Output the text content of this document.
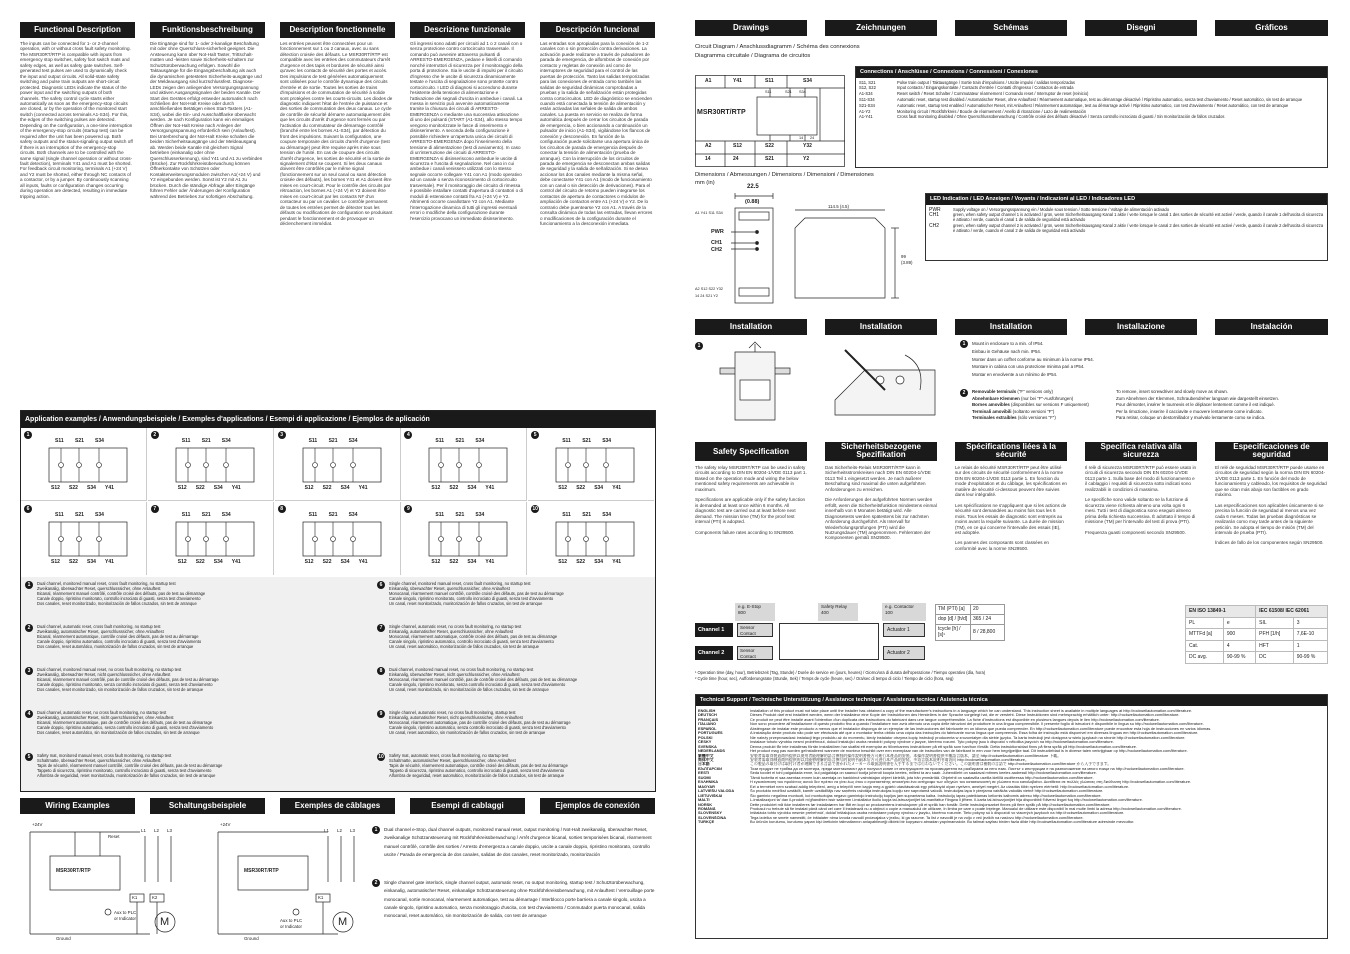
Functional Description	Funktionsbeschreibung	Description fonctionnelle	Descrizione funzionale	Descripción funcional
The inputs can be connected for 1- or 2-channel operation, with or without cross fault safety monitoring. The MSR30RT/RTP is compatible with inputs from emergency stop switches, safety foot switch mats and safety edges, as well as safety gate switches. Self-generated test pulses are used to dynamically check the input and output circuits. All solid-state safety switching and pulse train outputs are short-circuit protected. Diagnostic LEDs indicate the status of the power input and the switching outputs of both channels. The safety control cycle starts either automatically as soon as the emergency-stop circuits are closed, or by the operation of the monitored start switch (connected across terminals A1-S34). For this, the edges of the switching pulses are detected. Depending on the configuration, a one-time interruption of the emergency-stop circuits (startup test) can be required after the unit has been powered up. Both safety outputs and the status-signaling output switch off if there is an interruption of the emergency-stop circuits. Both channels are to be controlled with the same signal (single channel operation or without cross-fault detection), terminals Y41 and A1 must be shorted. For feedback circuit monitoring, terminals A1 (+24 V) and Y2 must be shorted, either through NC contacts of a contactor, or by a jumper. By continuously scanning all inputs, faults or configuration changes occurring during operation are detected, resulting in immediate tripping action.
Die Eingänge sind für 1- oder 2-kanalige Beschaltung mit oder ohne Querschluss-sicherheit geeignet. Die Ansteuerung kann über Not-Halt Taster, Trittschalt-matten und -leisten sowie Sicherheits-schaltern zur Schutztürüberwachung erfolgen. Sowohl die Taktausgänge für die Eingangsbeschaltung als auch die dynamischen getesteten Sicherheits-ausgänge und der Meldeausgang sind kurzschlussfest. Diagnose-LEDs zeigen den anliegenden Versorgungsspannung und aktiven Ausgangssignalen der beiden Kanäle. Der Start des Gerätes erfolgt entweder automatisch nach Schließen der Not-Halt Kreise oder durch anschließendes Betätigen eines Start-Tasters (A1-S34), wobei die Ein- und Ausschaltflanke überwacht werden. Je nach Konfiguration kann ein einmaliges Öffnen der Not-Halt Kreise nach Anlegen der Versorgungsspannung erforderlich sein (Anlauftest). Bei Unterbrechung der Not-Halt Kreise schalten die beiden Sicherheitsausgänge und der Meldeausgang ab. Werden beide Kanäle mit gleichem Signal betrieben (einkanalig oder ohne Querschlusserkennung), sind Y41 und A1 zu verbinden (Brücke). Zur Rückführkreisüberwachung können Öffnerkontakte von Schützen oder Kontakterweiterungsmodulen zwischen A1(+24 V) und Y2 eingebunden werden. Sonst ist Y2 mit A1 zu brücken. Durch die ständige Abfrage aller Eingänge führen Fehler oder Änderungen der Konfiguration während des Betriebes zur sofortigen Abschaltung.
Les entrées peuvent être connectées pour un fonctionnement sur 1 ou 2 canaux, avec ou sans détection croisée des défauts. Le MSR30RT/RTP est compatible avec les entrées des commutateurs d'arrêt d'urgence et des tapis et bordures de sécurité ainsi qu'avec les contacts de sécurité des portes et accès. Des impulsions de test générées automatiquement sont utilisées pour le contrôle dynamique des circuits d'entrée et de sortie. Toutes les sorties de trains d'impulsions et de commutation de sécurité à solide sont protégées contre les courts-circuits. Les diodes de diagnostic indiquent l'état de l'entrée de puissance et des sorties de commutation des deux canaux. Le cycle de contrôle de sécurité démarre automatiquement dès que les circuits d'arrêt d'urgence sont fermés ou par l'activation du commutateur de démarrage contrôlé (branché entre les bornes A1-S34), par détection du front des impulsions. Suivant la configuration, une coupure temporaire des circuits d'arrêt d'urgence (test au démarrage) peut être requise après mise sous tension de l'unité. En cas de coupure des circuits d'arrêt d'urgence, les sorties de sécurité et la sortie de signalement d'état se coupent. Si les deux canaux doivent être contrôlés par le même signal (fonctionnement sur un seul canal ou sans détection croisée des défauts), les bornes Y41 et A1 doivent être mises en court-circuit. Pour le contrôle des circuits par rétroaction, les bornes A1 (+24 V) et Y2 doivent être mises en court-circuit par les contacts NF d'un contacteur ou par un cavalier. Le contrôle permanent de toutes les entrées permet de détecter tous les défauts ou modifications de configuration se produisant pendant le fonctionnement et de provoquer un déclenchement immédiat.
Gli ingressi sono adatti per circuiti ad 1 o 2 canali con o senza protezione contro cortocircuito trasversale. Il comando può avvenire attraverso pulsanti di ARRESTO-EMERGENZA, pedane e listelli di comando nonché interruttori di sicurezza per il monitoraggio della porta di protezione. Sia le uscite di impulsi per il circuito d'ingresso che le uscite di sicurezza dinamicamente testate e l'uscita di segnalazione sono protette contro cortocircuito. I LED di diagnosi si accendono durante l'esistente della tensione di alimentazione e l'attivazione dei segnali d'uscita in ambedue i canali. La messa in servizio può avvenire automaticamente tramite la chiusura dei circuiti di ARRESTO-EMERGENZA o mediante una successiva attivazione di uno dei pulsanti (START (A1-S34), allo stesso tempo vengono monitorizzate le fasce di inserimento e disinserimento. A seconda della configurazione è possibile richiedere un'apertura unica dei circuiti di ARRESTO-EMERGENZA dopo l'inserimento della tensione di alimentazione (test di avviamento). In caso di un'interruzione dei circuiti di ARRESTO-EMERGENZA si disinseriscono ambedue le uscite di sicurezza e l'uscita di segnalazione. Nel caso in cui ambedue i canali venissero utilizzati con lo stesso segnale occorre collegare Y41 con A1 (modo operativo ad un canale o senza riconoscimento di cortocircuito trasversale). Per il monitoraggio dei circuito di rimessa è possibile installare contatti d'apertura di contattori o di moduli di estensione contatti fra A1 (+24 V) e Y2. Altrimenti occorre cavallottare Y2 con A1. Mediante l'interrogazione dinamica di tutti gli ingressi eventuali errori o modifiche della configurazione durante l'esercizio provocano un immediato disinserimento.
Las entradas son apropiadas para la conexión de 1-2 canales con o sin protección contra derivaciones. La activación puede realizarse a través de pulsadores de parada de emergencia, de alfombras de conexión por contacto y regletas de conexión así como de interruptores de seguridad para el control de las puertas de protección. Tanto las salidas temporizadas para las conexiones de entrada como también las salidas de seguridad dinámicas comprobadas a pruebas y la salida de señalización están protegidas contra cortocircuitos. LED de diagnóstico se encienden cuando está conectada la tensión de alimentación y están activadas las señales de salida de ambos canales. La puesta en servicio se realiza de forma automática después de cerrar los circuitos de parada de emergencia, o bien accionando a continuación un pulsador de inicio (A1-S34), vigilándose los flancos de conexión y desconexión. En función de la configuración puede solicitarse una apertura única de los circuitos de parada de emergencia después de conectar la tensión de alimentación (prueba de arranque). Con la interrupción de los circuitos de parada de emergencia se desconectan ambas salidas de seguridad y la salida de señalización. Si se desea accionar los dos canales mediante la misma señal, debe conectarse Y41 con A1 (modo de funcionamiento con un canal o sin detección de derivaciones). Para el control del circuito de retorno pueden integrarse los contactos de apertura de contactores o módulos de ampliación de contactos entre A1 (+24 V) e Y2. De lo contrario debe puentearse Y2 con A1. A través de la consulta dinámica de todas las entradas, llevan errores o modificaciones de la configuración durante el funcionamiento a la desconexión inmediata.
Application examples / Anwendungsbeispiele / Exemples d'applications / Esempi di applicazione / Ejemplos de aplicación
1
S11 S21 S34
S12 S22 S34 Y41
2
S11 S21 S34
S12 S22 S34 Y41
3
S11 S21 S34
S12 S22 S34 Y41
4
S11 S21 S34
S12 S22 S34 Y41
5
S11 S21 S34
S12 S22 S34 Y41
6
S11 S21 S34
S12 S22 S34 Y41
7
S11 S21 S34
S12 S22 S34 Y41
8
S11 S21 S34
S12 S22 S34 Y41
9
S11 S21 S34
S12 S22 S34 Y41
10
S11 S21 S34
S12 S22 S34 Y41
1	Dual channel, monitored manual reset, cross fault monitoring, no startup test
Zweikanalig, überwachter Reset, querschlusssicher, ohne Anlauftest
Bicanal, réarmement manuel contrôlé, contrôle croisé des défauts, pas de test au démarrage
Canale doppio, ripristino monitorato, controllo incrociato di guasti, senza test d'avviamento
Dos canales, reset monitorizado, monitorización de fallos cruzados, sin test de arranque
2	Dual channel, automatic reset, cross fault monitoring, no startup test
Zweikanalig, automatischer Reset, querschlusssicher, ohne Anlauftest
Bicanal, réarmement automatique, contrôle croisé des défauts, pas de test au démarrage
Canale doppio, ripristino automatico, controllo incrociato di guasti, senza test d'avviamento
Dos canales, reset automático, monitorización de fallos cruzados, sin test de arranque
3	Dual channel, monitored manual reset, no cross fault monitoring, no startup test
Zweikanalig, überwachter Reset, nicht querschlusssicher, ohne Anlauftest
Bicanal, réarmement manuel contrôlé, pas de contrôle croisé des défauts, pas de test au démarrage
Canale doppio, ripristino monitorato, senza controllo incrociato di guasti, senza test d'avviamento
Dos canales, reset monitorizado, sin monitorización de fallos cruzados, sin test de arranque
4	Dual channel, automatic reset, no cross fault monitoring, no startup test
Zweikanalig, automatischer Reset, nicht querschlusssicher, ohne Anlauftest
Bicanal, réarmement automatique, pas de contrôle croisé des défauts, pas de test au démarrage
Canale doppio, ripristino automatico, senza controllo incrociato di guasti, senza test d'avviamento
Dos canales, reset automático, sin monitorización de fallos cruzados, sin test de arranque
5	Safety mat, monitored manual reset, cross fault monitoring, no startup test
Schaltmatte, überwachter Reset, querschlusssicher, ohne Anlauftest
Tapis de sécurité, réarmement manuel contrôlé, contrôle croisé des défauts, pas de test au démarrage
Tappeto di sicurezza, ripristino monitorato, controllo incrociato di guasti, senza test d'avviamento
Alfombra de seguridad, reset monitorizado, monitorización de fallos cruzados, sin test de arranque
6	Single channel, monitored manual reset, cross fault monitoring, no startup test
Einkanalig, überwachter Reset, querschlusssicher, ohne Anlauftest
Monocanal, réarmement manuel contrôlé, contrôle croisé des défauts, pas de test au démarrage
Canale singolo, ripristino monitorato, controllo incrociato di guasti, senza test d'avviamento
Un canal, reset monitorizado, monitorización de fallos cruzados, sin test de arranque
7	Single channel, automatic reset, no cross fault monitoring, no startup test
Einkanalig, automatischer Reset, querschlusssicher, ohne Anlauftest
Monocanal, réarmement automatique, contrôle croisé des défauts, pas de test au démarrage
Canale singolo, ripristino automatico, controllo incrociato di guasti, senza test d'avviamento
Un canal, reset automático, monitorización de fallos cruzados, sin test de arranque
8	Dual channel, monitored manual reset, no cross fault monitoring, no startup test
Einkanalig, überwachter Reset, nicht querschlusssicher, ohne Anlauftest
Monocanal, réarmement manuel contrôlé, pas de contrôle croisé des défauts, pas de test au démarrage
Canale singolo, ripristino monitorato, senza controllo incrociato di guasti, senza test d'avviamento
Un canal, reset monitorizado, sin monitorización de fallos cruzados, sin test de arranque
9	Single channel, automatic reset, no cross fault monitoring, startup test
Einkanalig, automatischer Reset, nicht querschlusssicher, ohne Anlauftest
Monocanal, réarmement automatique, pas de contrôle croisé des défauts, pas de test au démarrage
Canale singolo, ripristino automatico, senza controllo incrociato di guasti, senza test d'avviamento
Un canal, reset automático, sin monitorización de fallos cruzados, sin test de arranque
10 Safety mat, automatic reset, cross fault monitoring, no startup test
Schaltmatte, automatischer Reset, querschlusssicher, ohne Anlauftest
Tapis de sécurité, réarmement automatique, contrôle croisé des défauts, pas de test au démarrage
Tappeto di sicurezza, ripristino automatico, controllo incrociato di guasti, senza test d'avviamento
Alfombra de seguridad, reset automático, monitorización de fallos cruzados, sin test de arranque
Wiring Examples	Schaltungsbeispiele	Exemples de câblages	Esempi di cablaggi	Ejemplos de conexión
+24V
Reset
MSR30RT/RTP
K1	K2
M
L1 L2 L3
Aux to PLC
or Indicator
Ground
+24V
MSR30RT/RTP
K1
M
L1 L2 L3
Aux to PLC
or Indicator
Ground
1	Dual channel e-Stop, dual channel outputs, monitored manual reset, output monitoring / Not-Halt zweikanalig, überwachter Reset, zweikanalige Schützansteuerung mit Rückführkreisüberwachung / Arrêt d'urgence bicanal, sorties temporisées bicanal, réarmement manuel contrôlé, contrôle des sorties / Arresto d'emergenza a canale doppio, uscite a canale doppio, ripristino monitorato, controllo uscite / Parada de emergencia de dos canales, salidas de dos canales, reset monitorizado, monitorización
2	Single channel gate interlock, single channel output, automatic reset, no output monitoring, startup test / Schutztürüberwachung, einkanalig, automatischer Reset, einkanalige Schützansteuerung ohne Rückführkreisüberwachung, mit Anlauftest / Verrouillage porte monocanal, sortie monocanal, réarmement automatique, test au démarrage / Interblocco porte barriera a canale singolo, uscita a canale singolo, ripristino automatico, senza monitoraggio d'uscita, con test d'avviamento / Conmutador puerta monocanal, salida monocanal, reset automático, sin monitorización de salida, con test de arranque
Drawings	Zeichnungen	Schémas	Disegni	Gráficos
Circuit Diagram / Anschlussdiagramm / Schéma des connexions
Diagramma circuitale / Diagrama de circuitos
A1	Y41	S11	S34
MSR30RT/RTP
S11	S21 S34
14 24
A2	S12	S22	Y32
14	24	S21	Y2
Connections / Anschlüsse / Connexions / Connessioni / Conexiones
S11, S21	Pulse train output / Taktausgänge / Sortie train d'impulsions / Uscite impulsi / salidas temporizadas
S12, S22	Input contacts / Eingangskontakte / Contacts d'entrée / Contatti d'ingresso / Contactos de entrada
A1-S34	Reset switch / Reset Schalter / Commutateur réarmement / Comando reset / Interruptor de reset (reinicio)
S11-S34	Automatic reset, startup test disabled / Automatischer Reset, ohne Anlauftest / Réarmement automatique, test au démarrage désactivé / Ripristino automatico, senza test d'avviamento / Reset automático, sin test de arranque
S21-S34	Automatic reset, startup test enabled / Automatischer Reset, mit Anlauftest / Réarmement automatique, test au démarrage activé / Ripristino automatico, con test d'avviamento / Reset automático, con test de arranque
A1-Y2	Monitoring circuit / Rückführkreis / Boucle de réarmement / Anello di ritorazione / Lazo de realimentación
A1-Y41	Cross fault monitoring disabled / Ohne Querschlussüberwachung / Contrôle croisé des défauts désactivé / Senza controllo incrociato di guasti / Sin monitorización de fallos cruzados
Dimensions / Abmessungen / Dimensions / Dimensioni / Dimensiones
mm (in)
22.5
(0.88)
114.5 (4.5)
99
(3.89)
A1 Y41 S11 S34
A2 S12 S22 Y32
14 24 S21 Y2
PWR
CH1
CH2
LED Indication / LED Anzeigen / Voyants / Indicazioni al LED / Indicadores LED
PWR	Supply voltage on / Versorgungsspannung ein / Module sous tension / Sotto tensione / Voltaje de alimentación activado
CH1	green, when safety output channel 1 is activated / grün, wenn Sicherheitsausgang Kanal 1 aktiv / verte lorsque le canal 1 des sorties de sécurité est activé / verde, quando il canale 1 dell'uscita di sicurezza è attivato / verde, cuando el canal 1 de salida de seguridad está activado
CH2	green, when safety output channel 2 is activated / grün, wenn Sicherheitsausgang Kanal 2 aktiv / verte lorsque le canal 2 des sorties de sécurité est activé / verde, quando il canale 2 dell'uscita di sicurezza è attivato / verde, cuando el canal 2 de salida de seguridad está activado
Installation	Installation	Installation	Installazione	Instalación
1	1	Mount in enclosure to a min. of IP54.
Einbau in Gehäuse nach min. IP54.
Monter dans un coffret conforme au minimum à la norme IP54.
Montare in cabina con una protezione minima pari a IP54.
Montar en envolvente a un mínimo de IP54.
2	Removable terminals ("F" versions only)	To remove, insert screwdriver and slowly move as shown.
Abnehmbare Klemmen (nur bei "F"-Ausführungen)	Zum Abnehmen der Klemmen, Schraubendreher langsam wie dargestellt einsetzen.
Bornes amovibles (disponibles sur versions F uniquement)	Pour démonter, insérer le tournevis et le déplacer lentement comme il est indiqué.
Terminali amovibili (soltanto versioni "F")	Per la rimozione, inserire il cacciavite e muovere lentamente come indicato.
Terminales extraíbles (sólo versiones "F")	Para retirar, coloque un destornillador y muévalo lentamente como se indica.
Safety Specification
Sicherheitsbezogene Spezifikation
Spécifications liées à la sécurité
Specifica relativa alla sicurezza
Especificaciones de seguridad
The safety relay MSR30RT/RTP can be used in safety circuits according to DIN EN 60204-1/VDE 0113 part 1. Based on the operation mode and wiring the below mentioned safety requirements are achievable in maximum.
Specifications are applicable only if the safety function is demanded at least once within 6 months. All diagnostic test are carried out at least before next demand. The mission time (TM) for the proof test interval (PTI) is adopted.
Components failure rates according to SN29500.
Das Sicherheits-Relais MSR30RT/RTP kann in Sicherheitsstromkreisen nach DIN EN 60204-1/VDE 0113 Teil 1 eingesetzt werden. Je nach äußerer Beschaltung sind maximal die unten aufgeführten Anforderungen zu erreichen.
Die Anforderungen der aufgeführten Normen werden erfüllt, wenn die Sicherheitsfunktion mindestens einmal innerhalb von 6 Monaten betätigt wird. Alle Diagnosetests werden spätestens bis zur nächsten Anforderung durchgeführt. Als Intervall für Wiederholungsprüfungen (PTI) wird die Nutzungsdauer (TM) angenommen. Fehlerraten der Komponenten gemäß SN29500.
Le relais de sécurité MSR30RT/RTP peut être utilisé sur des circuits de sécurité conformément à la norme DIN EN 60204-1/VDE 0113 partie 1. En fonction du mode d'exploitation et du câblage, les spécifications en matière de sécurité ci-dessous peuvent être suivies dans leur intégralité.
Les spécifications ne s'appliquent que si les actions de sécurité sont demandées au moins fois tous les 6 mois. Tous les essais de diagnostic sont entrepris au moins avant la requête suivante. La durée de mission (TM), en ce qui concerne l'intervalle des essais (IE), est adoptée.
Les pannes des composants sont classées en conformité avec la norme SN29500.
Il relè di sicurezza MSR30RT/RTP può essere usato in circuiti di sicurezza secondo DIN EN 60204-1/VDE 0113 parte 1. Sulla base del modo di funzionamento e il cablaggio i requisiti di sicurezza sotto indicati sono realizzabili in condizioni di massima.
Le specifiche sono valide soltanto se la funzione di sicurezza viene richiesta almeno una volta ogni 6 mesi. Tutti i test di diagnostica sono eseguiti almeno prima della richiesta successiva. È adottato il tempo di missione (TM) per l'intervallo del test di prova (PTI).
Frequenza guasti componenti secondo SN29500.
El relé de seguridad MSR30RT/RTP puede usarse en circuitos de seguridad según la norma DIN EN 60204-1/VDE 0113 parte 1. En función del modo de funcionamiento y cableado, los requisitos de seguridad que se citan más abajo son factibles en grado máximo.
Las especificaciones son aplicables únicamente si se precisa la función de seguridad al menos una vez cada 6 meses. Todas las pruebas diagnósticas se realizarán como muy tarde antes de la siguiente petición. Se adopta el tiempo de misión (TM) del intervalo de prueba (PTI).
Índices de fallo de los componentes según SN29500.
Channel 1
Channel 2
e.g. E-Stop
800
Safety Relay
400
e.g. Contactor
100
Sensor Contact
Sensor Contact
Actuator 1
Actuator 2
TM (PTI) [a]	20
dop [d] / [h/d]	365 / 24
tcycle [h] / [s]¹	8 / 28,800
¹ Operation time (day, hour), Betriebszeit (Tag, Stunde) / Durée de service en (jours, heures) / Giorno/ora di durata dell'operazione / Tiempo operativo (día, hora)
² Cycle time (hour, sec), Aufforderungsrate (Stunde, Sek) / Temps de cycle (heure, sec) / Ora/sec di tempo di ciclo / Tiempo de ciclo (hora, seg)
EN ISO 13849-1		IEC 61508/ IEC 62061	
PL	e	SIL	3
MTTFd [a]	900	PFH [1/h]	7,6E-10
Cat.	4	HFT	1
DC avg.	90-99 %	DC	90-99 %
Technical Support / Technische Unterstützung / Assistance technique / Assistenza tecnica / Asistencia técnica
ENGLISH	Installation of this product must not take place until the installer has obtained a copy of the manufacturer's instructions in a language which he can understand. This instruction sheet is available in multiple languages at http://rockwellautomation.com/literature.
DEUTSCH	Dieses Produkt darf erst installiert werden, wenn der Installateur eine Kopie der Instruktionen des Herstellers in der Sprache vorgelegt hat, die er versteht. Diese Instruktionen sind mehrsprachig erhältlich unter: http://rockwellautomation.com/literature.
FRANÇAIS	Ce produit ne peut être installé avant l'obtention d'un duplicata des instructions du fabricant dans une langue compréhensible. La fiche d'instructions est disponible en plusieurs langues depuis le lien http://rockwellautomation.com/literature.
ITALIANO	Non sono procedere all'installazione di questo prodotto fino a quando l'installatore non avrà ottenuto una copia delle istruzioni del produttore in una lingua comprensibile. Il presente foglio di istruzioni è disponibile in lingua su http://rockwellautomation.com/literature.
ESPAÑOL	Absténgase de instalar este producto a menos que el instalador disponga de un ejemplar de las instrucciones del fabricante en un idioma que pueda comprender. En http://rockwellautomation.com/literature puede encontrar esta hoja de instrucciones en varios idiomas.
PORTUGUÊS	A instalação deste produto não pode ser efectuada até que o montador tenha obtido uma cópia das instruções do fabricante numa língua que compreenda. Essa folha de instrução está disponível em diversas línguas em http://rockwellautomation.com/literature.
POLSKI	Nie należy przeprowadzać instalacji tego produktu aż do momentu, kiedy instalator otrzyma kopię instrukcji producenta w zrozumiałym dla siebie języku. Ta karta instrukcji jest dostępna w wielu językach na stronie http://rockwellautomation.com/literature.
ČESKY	Instalace tohoto výrobku nesmí proběhnout, dokud instalující osoba neobdrží pokyny výrobce v jazyce, kterému rozumí. Tyto pokyny jsou k dispozici v několika jazycích na http://rockwellautomation.com/literature.
SVENSKA	Denna produkt får inte installeras förrän installatören har skaffat ett exemplar av tillverkarens instruktioner på ett språk som han/hon förstår. Detta instruktionsblad finns på flera språk på http://rockwellautomation.com/literature.
NEDERLANDS	Het product mag pas worden geïnstalleerd wanneer de monteur beschikt over een exemplaar van de instructies van de fabrikant in een voor hem begrijpelijke taal. Dit instructieblad is in diverse talen verkrijgbaar op http://rockwellautomation.com/literature.
繁體中文	安裝者需取得製造商所提供以使用者能理解的語言撰寫的操作說明書後方可進行本產品的安裝。本操作說明書提供多種語言版本，請至 http://rockwellautomation.com/literature 下載。
简体中文	安装者需取得制造商所提供的以其能够理解的语言撰写的说明书副本后方可进行本产品的安装。多语言版本说明书请访问 http://rockwellautomation.com/literature。
日本語	この製品の取付けは取付け者が理解できる言語で書かれたメーカーの取扱説明書を入手するまでは行わないでください。この説明書は複数の言語で http://rockwellautomation.com/literature から入手できます。
БЪЛГАРСКИ	Този продукт не трябва да се монтира, преди монтажникът да е получил копие от инструкциите на производителя на разбираем за него език. Листът с инструкции е на разположение на много езици на http://rockwellautomation.com/literature.
EESTI	Seda toodet ei tohi paigaldada enne, kui paigaldaja on saanud tootja juhendi koopia keeles, millest ta aru saab. Juhendileht on saadaval mitmes keeles aadressil http://rockwellautomation.com/literature.
SUOMI	Tämä tuotetta ei saa asentaa ennen kuin asentaja on hankkinut valmistajan ohjeet kielellä, jota hän ymmärtää. Ohjelehti on saatavilla useilla kielillä osoitteessa http://rockwellautomation.com/literature.
ΕΛΛΗΝΙΚΑ	Η εγκατάσταση του προϊόντος αυτού δεν πρέπει να γίνει έως ότου ο εγκαταστάτης αποκτήσει ένα αντίγραφο των οδηγιών του κατασκευαστή σε γλώσσα που καταλαβαίνει. Διατίθεται σε πολλές γλώσσες στη διεύθυνση http://rockwellautomation.com/literature.
MAGYAR	Ezt a terméket nem szabad addig telepíteni, amíg a telepítő nem kapja meg a gyártó utasításainak egy példányát olyan nyelven, amelyet megért. Az utasítás több nyelven elérhető: http://rockwellautomation.com/literature.
LATVIEŠU VALODA	Šo produktu nedrīkst uzstādīt, kamēr uzstādītājs nav saņēmis ražotāja instrukcijas kopiju sev saprotamā valodā. Instrukcijas lapa ir pieejama vairākās valodās vietnē http://rockwellautomation.com/literature.
LIETUVIŠKAI	Šio gaminio negalima montuoti, kol montuotojas negavo gamintojo instrukcijų kopijos jam suprantama kalba. Instrukcijų lapas pateikiamas keliomis kalbomis adresu http://rockwellautomation.com/literature.
MALTI	L-installazzjoni ta' dan il-prodott m'għandhiex issir sakemm l-installatur ikollu kopja tal-istruzzjonijiet tal-manifattur f'lingwa li jifhem. Il-karta tal-istruzzjonijiet hija disponibbli f'diversi lingwi fuq http://rockwellautomation.com/literature.
NORSK	Dette produktet må ikke installeres før installatøren har fått en kopi av produsentens instruksjoner på et språk han forstår. Dette instruksjonsarket finnes på flere språk på http://rockwellautomation.com/literature.
ROMÂNĂ	Produsul nu trebuie să fie instalat până când cel care îl instalează nu a obţinut o copie a manualului de utilizare, în limba pe care o poate înţelege. Manualul de utilizare este disponibil în mai multe limbi la adresa http://rockwellautomation.com/literature.
SLOVENSKY	Inštalácia tohto výrobku nesmie prebehnúť, dokiaľ inštalujúca osoba nedostane pokyny výrobcu v jazyku, ktorému rozumie. Tieto pokyny sú k dispozícii vo viacerých jazykoch na http://rockwellautomation.com/literature.
SLOVENŠČINA	Tega izdelka ne smete namestiti, če inštalater nima izvoda navodil proizvajalca v jeziku, ki ga razume. Ta list z navodili je na voljo v več jezikih na naslovu http://rockwellautomation.com/literature.
TÜRKÇE	Bu ürünün kurulumu, kurulumu yapan kişi üreticinin talimatlarının anlayabileceği dildeki bir kopyasını almadan yapılmamalıdır. Bu talimat sayfası birden fazla dilde http://rockwellautomation.com/literature adresinde mevcuttur.
